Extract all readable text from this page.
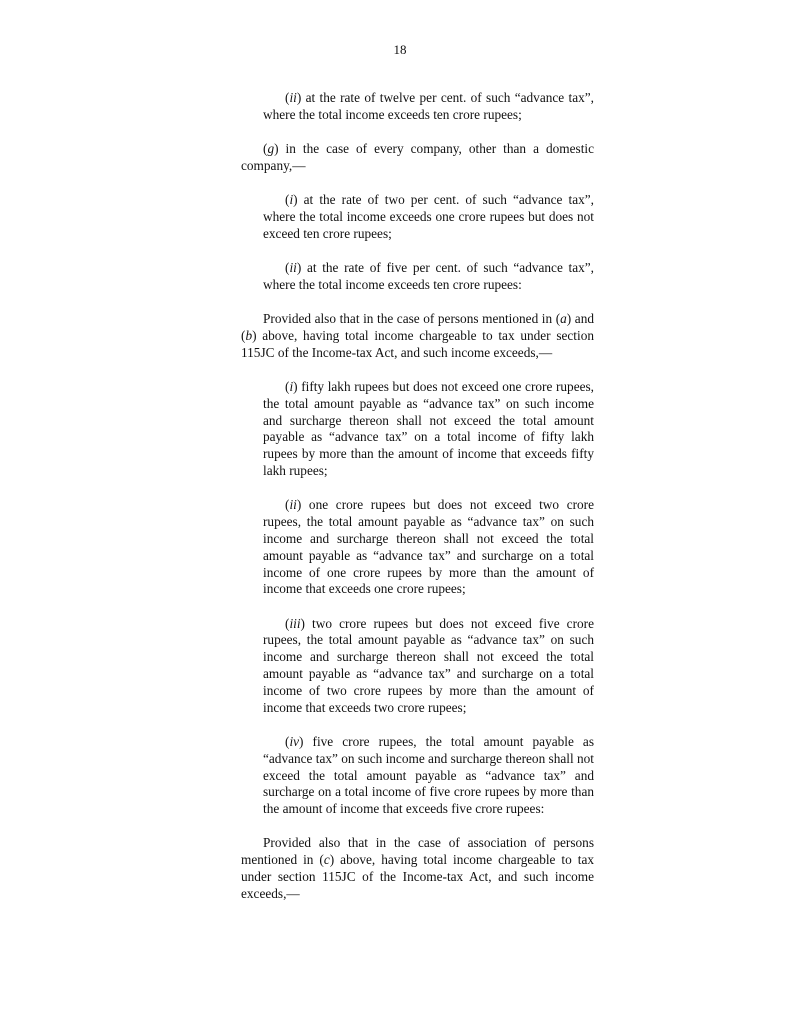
18

(ii) at the rate of twelve per cent. of such “advance tax”, where the total income exceeds ten crore rupees;

(g) in the case of every company, other than a domestic company,—

(i) at the rate of two per cent. of such “advance tax”, where the total income exceeds one crore rupees but does not exceed ten crore rupees;

(ii) at the rate of five per cent. of such “advance tax”, where the total income exceeds ten crore rupees:

Provided also that in the case of persons mentioned in (a) and (b) above, having total income chargeable to tax under section 115JC of the Income-tax Act, and such income exceeds,—

(i) fifty lakh rupees but does not exceed one crore rupees, the total amount payable as “advance tax” on such income and surcharge thereon shall not exceed the total amount payable as “advance tax” on a total income of fifty lakh rupees by more than the amount of income that exceeds fifty lakh rupees;

(ii) one crore rupees but does not exceed two crore rupees, the total amount payable as “advance tax” on such income and surcharge thereon shall not exceed the total amount payable as “advance tax” and surcharge on a total income of one crore rupees by more than the amount of income that exceeds one crore rupees;

(iii) two crore rupees but does not exceed five crore rupees, the total amount payable as “advance tax” on such income and surcharge thereon shall not exceed the total amount payable as “advance tax” and surcharge on a total income of two crore rupees by more than the amount of income that exceeds two crore rupees;

(iv) five crore rupees, the total amount payable as “advance tax” on such income and surcharge thereon shall not exceed the total amount payable as “advance tax” and surcharge on a total income of five crore rupees by more than the amount of income that exceeds five crore rupees:

Provided also that in the case of association of persons mentioned in (c) above, having total income chargeable to tax under section 115JC of the Income-tax Act, and such income exceeds,—
